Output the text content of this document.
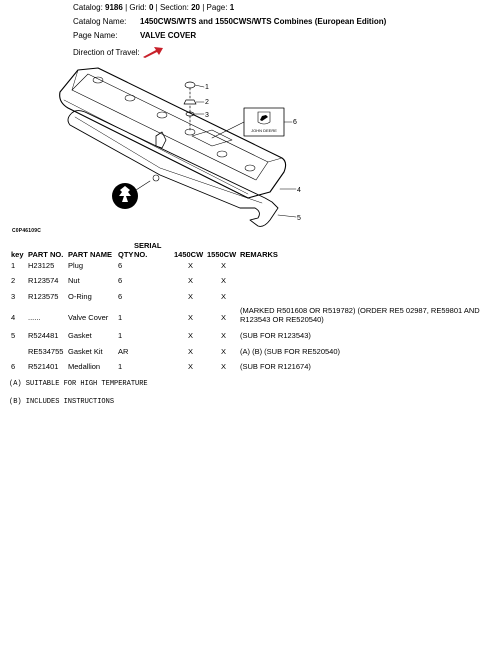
Catalog: 9186 | Grid: 0 | Section: 20 | Page: 1
Catalog Name: 1450CWS/WTS and 1550CWS/WTS Combines (European Edition)
Page Name:	VALVE COVER
Direction of Travel:
JOHN DEERE
1
2
3
4
5
6
C0P46109C
key	PART NO.	PART NAME	QTY	SERIAL NO.	1450CW	1550CW	REMARKS
1	H23125	Plug	6		X	X	
2	R123574	Nut	6		X	X	
3	R123575	O-Ring	6		X	X	
4	......	Valve Cover	1		X	X	(MARKED R501608 OR R519782) (ORDER RE5 02987, RE59801 AND R123543 OR RE520540)
5	R524481	Gasket	1		X	X	(SUB FOR R123543)
	RE534755	Gasket Kit	AR		X	X	(A) (B) (SUB FOR RE520540)
6	R521401	Medallion	1		X	X	(SUB FOR R121674)
(A) SUITABLE FOR HIGH TEMPERATURE
(B) INCLUDES INSTRUCTIONS
